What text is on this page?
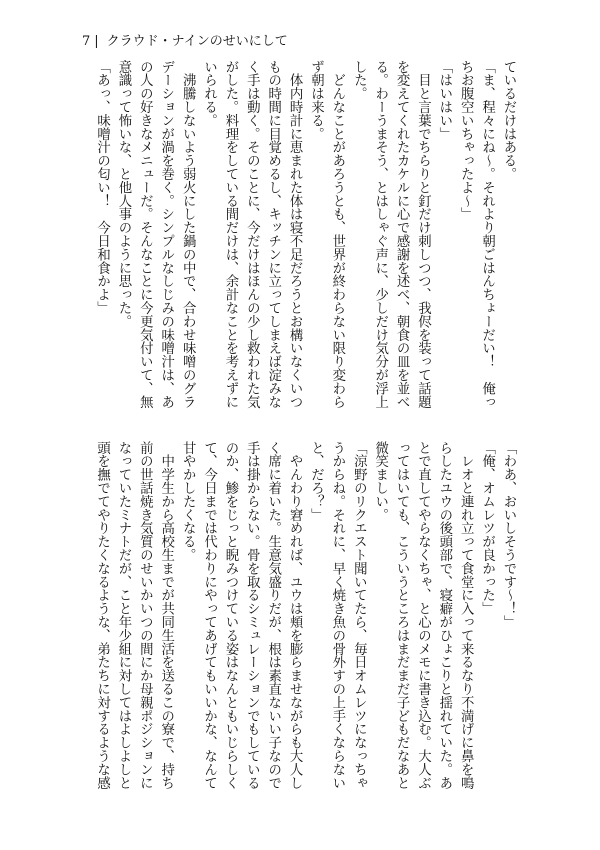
7 | クラウド・ナインのせいにして
ているだけはある。
「ま、程々にね〜。それより朝ごはんちょーだい！　俺っ
ちお腹空いちゃったよ〜」
「はいはい」
　目と言葉でちらりと釘だけ刺しつつ、我侭を装って話題
を変えてくれたカケルに心で感謝を述べ、朝食の皿を並べ
る。わーうまそう、とはしゃぐ声に、少しだけ気分が浮上
した。
　どんなことがあろうとも、世界が終わらない限り変わら
ず朝は来る。
　体内時計に恵まれた体は寝不足だろうとお構いなくいつ
もの時間に目覚めるし、キッチンに立ってしまえば淀みな
く手は動く。そのことに、今だけはほんの少し救われた気
がした。料理をしている間だけは、余計なことを考えずに
いられる。
　沸騰しないよう弱火にした鍋の中で、合わせ味噌のグラ
デーションが渦を巻く。シンプルなしじみの味噌汁は、あ
の人の好きなメニューだ。そんなことに今更気付いて、無
意識って怖いな、と他人事のように思った。
「あっ、味噌汁の匂い！　今日和食かよ」
「わあ、おいしそうです〜！」
「俺、オムレツが良かった」
　レオと連れ立って食堂に入って来るなり不満げに鼻を鳴
らしたユウの後頭部で、寝癖がひょこりと揺れていた。あ
とで直してやらなくちゃ、と心のメモに書き込む。大人ぶ
ってはいても、こういうところはまだまだ子どもだなあと
微笑ましい。
「涼野のリクエスト聞いてたら、毎日オムレツになっちゃ
うからね。それに、早く焼き魚の骨外すの上手くならない
と、だろ？」
　やんわり窘めれば、ユウは頬を膨らませながらも大人し
く席に着いた。生意気盛りだが、根は素直ないい子なので
手は掛からない。骨を取るシミュレーションでもしている
のか、鯵をじっと睨みつけている姿はなんともいじらしく
て、今日までは代わりにやってあげてもいいかな、なんて
甘やかしたくなる。
　中学生から高校生までが共同生活を送るこの寮で、持ち
前の世話焼き気質のせいかいつの間にか母親ポジションに
なっていたミナトだが、こと年少組に対してはよしよしと
頭を撫でてやりたくなるような、弟たちに対するような感
